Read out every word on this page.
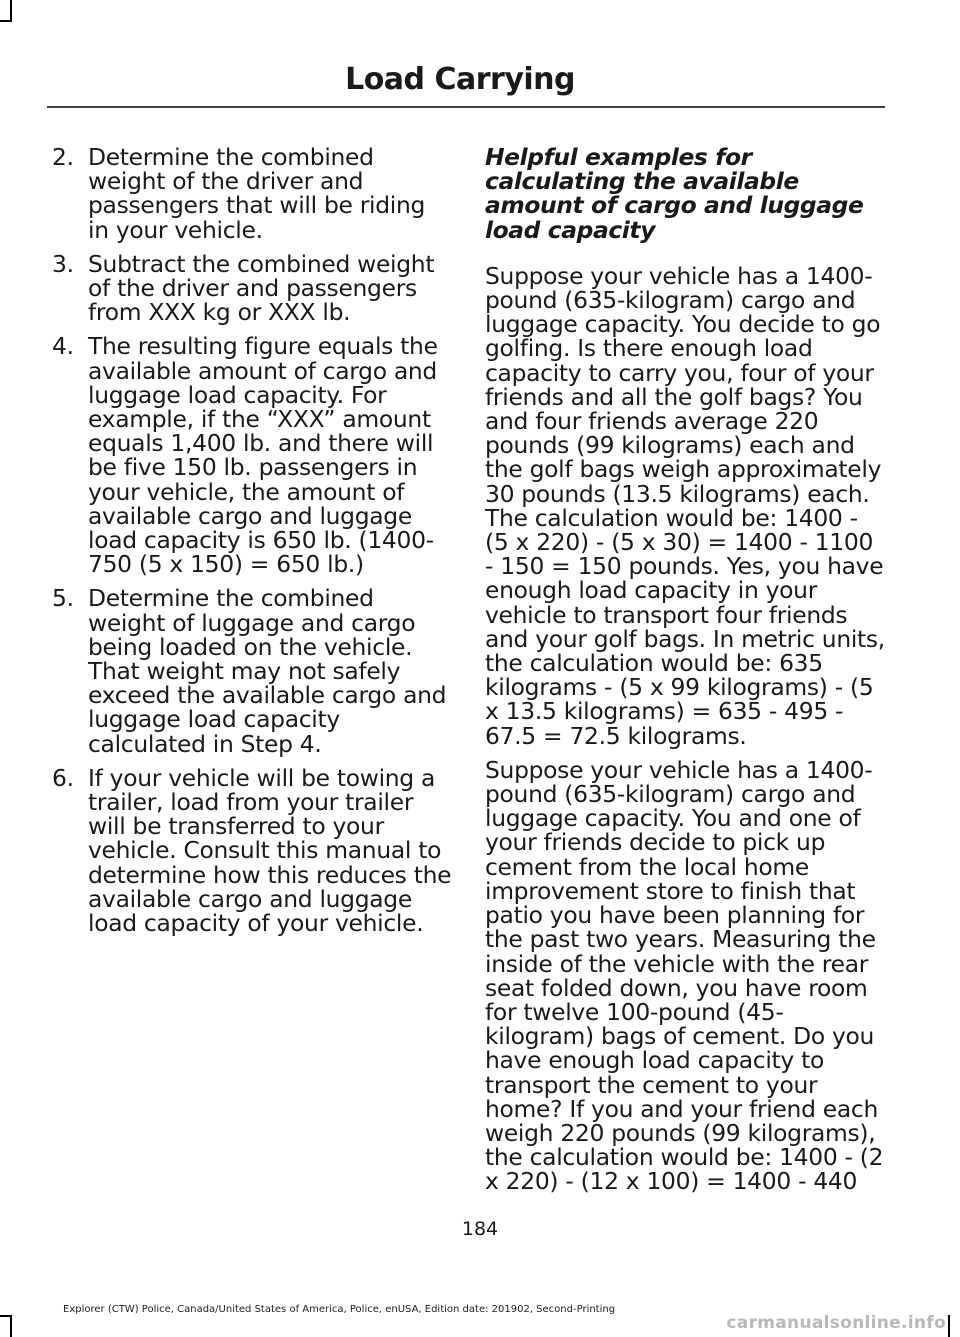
Load Carrying
2. Determine the combined weight of the driver and passengers that will be riding in your vehicle.
3. Subtract the combined weight of the driver and passengers from XXX kg or XXX lb.
4. The resulting figure equals the available amount of cargo and luggage load capacity. For example, if the “XXX” amount equals 1,400 lb. and there will be five 150 lb. passengers in your vehicle, the amount of available cargo and luggage load capacity is 650 lb. (1400-750 (5 x 150) = 650 lb.)
5. Determine the combined weight of luggage and cargo being loaded on the vehicle. That weight may not safely exceed the available cargo and luggage load capacity calculated in Step 4.
6. If your vehicle will be towing a trailer, load from your trailer will be transferred to your vehicle. Consult this manual to determine how this reduces the available cargo and luggage load capacity of your vehicle.
Helpful examples for calculating the available amount of cargo and luggage load capacity

Suppose your vehicle has a 1400-pound (635-kilogram) cargo and luggage capacity. You decide to go golfing. Is there enough load capacity to carry you, four of your friends and all the golf bags? You and four friends average 220 pounds (99 kilograms) each and the golf bags weigh approximately 30 pounds (13.5 kilograms) each. The calculation would be: 1400 - (5 x 220) - (5 x 30) = 1400 - 1100 - 150 = 150 pounds. Yes, you have enough load capacity in your vehicle to transport four friends and your golf bags. In metric units, the calculation would be: 635 kilograms - (5 x 99 kilograms) - (5 x 13.5 kilograms) = 635 - 495 - 67.5 = 72.5 kilograms.

Suppose your vehicle has a 1400-pound (635-kilogram) cargo and luggage capacity. You and one of your friends decide to pick up cement from the local home improvement store to finish that patio you have been planning for the past two years. Measuring the inside of the vehicle with the rear seat folded down, you have room for twelve 100-pound (45-kilogram) bags of cement. Do you have enough load capacity to transport the cement to your home? If you and your friend each weigh 220 pounds (99 kilograms), the calculation would be: 1400 - (2 x 220) - (12 x 100) = 1400 - 440

184
Explorer (CTW) Police, Canada/United States of America, Police, enUSA, Edition date: 201902, Second-Printing
carmanualsonline.info
